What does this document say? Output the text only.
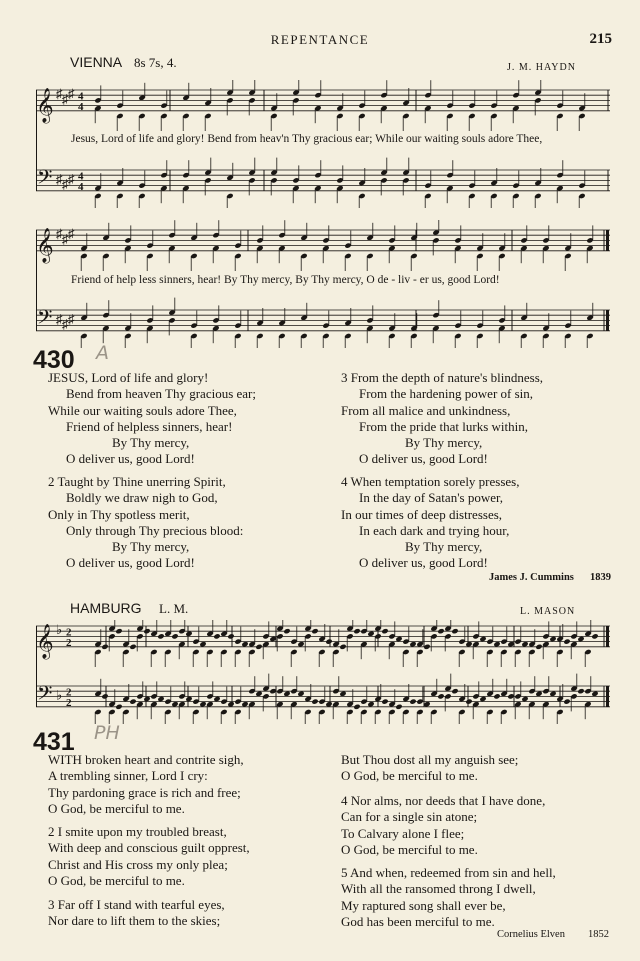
REPENTANCE	215
VIENNA 8s 7s, 4.	J. M. HAYDN
𝄞
𝄢
♯
♯
♯
♯
♯
♯
4
4
4
4
Jesus, Lord of life and glory! Bend from heav'n Thy gracious ear; While our waiting souls adore Thee,
𝄞
𝄢
♯
♯
♯
♯
♯
♯
Friend of help less sinners, hear! By Thy mercy, By Thy mercy, O de - liv - er us, good Lord!
430 A
JESUS, Lord of life and glory!
Bend from heaven Thy gracious ear;
While our waiting souls adore Thee,
Friend of helpless sinners, hear!
By Thy mercy,
O deliver us, good Lord!
2 Taught by Thine unerring Spirit,
Boldly we draw nigh to God,
Only in Thy spotless merit,
Only through Thy precious blood:
By Thy mercy,
O deliver us, good Lord!
3 From the depth of nature's blindness,
From the hardening power of sin,
From all malice and unkindness,
From the pride that lurks within,
By Thy mercy,
O deliver us, good Lord!
4 When temptation sorely presses,
In the day of Satan's power,
In our times of deep distresses,
In each dark and trying hour,
By Thy mercy,
O deliver us, good Lord!
James J. Cummins 1839
HAMBURG L. M.	L. MASON
𝄞
𝄢
♭
♭
2
2
2
2
431 PH
WITH broken heart and contrite sigh,
A trembling sinner, Lord I cry:
Thy pardoning grace is rich and free;
O God, be merciful to me.
2 I smite upon my troubled breast,
With deep and conscious guilt opprest,
Christ and His cross my only plea;
O God, be merciful to me.
3 Far off I stand with tearful eyes,
Nor dare to lift them to the skies;
But Thou dost all my anguish see;
O God, be merciful to me.
4 Nor alms, nor deeds that I have done,
Can for a single sin atone;
To Calvary alone I flee;
O God, be merciful to me.
5 And when, redeemed from sin and hell,
With all the ransomed throng I dwell,
My raptured song shall ever be,
God has been merciful to me.
Cornelius Elven 1852
